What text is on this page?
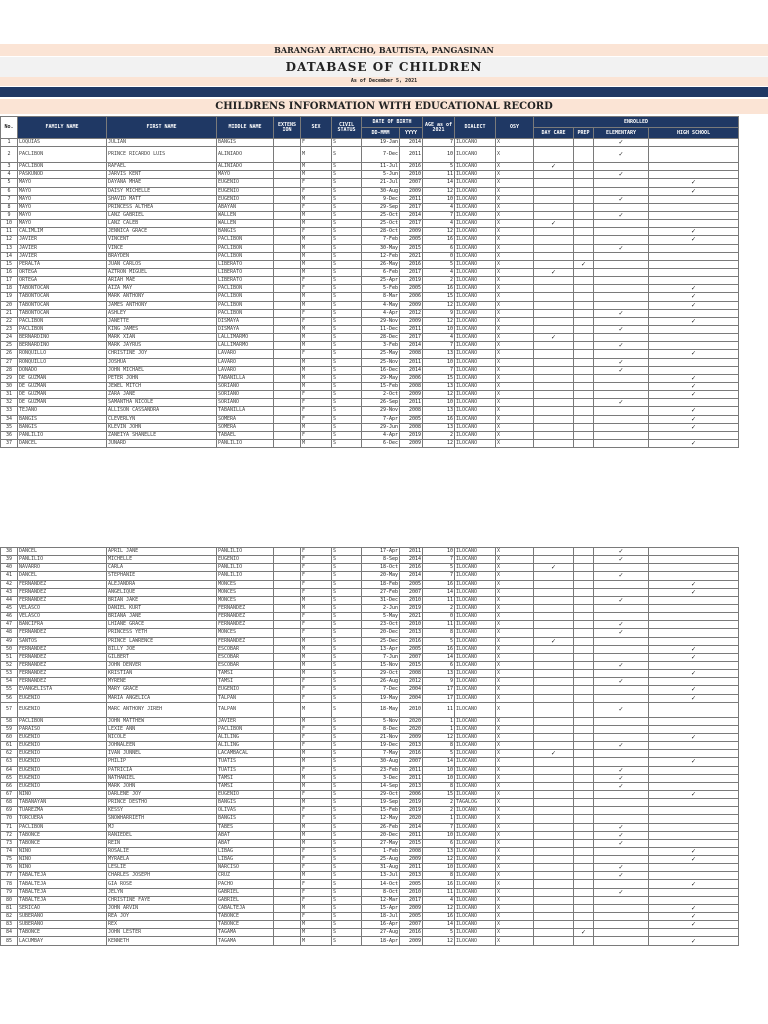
BARANGAY ARTACHO, BAUTISTA, PANGASINAN
DATABASE OF CHILDREN
As of December 5, 2021
CHILDRENS INFORMATION WITH EDUCATIONAL RECORD
No.	FAMILY NAME	FIRST NAME	MIDDLE NAME	EXTENS ION	SEX	CIVIL STATUS	DATE OF BIRTH		AGE as of 2021	DIALECT	OSY	ENROLLED			
							DD-MMM	YYYY				DAY CARE	PREP	ELEMENTARY	HIGH SCHOOL
1	LOQUIAS	JULIAN	BANGIS		F	S	19-Jan	2014	7	ILOCANO	X			✓	
2	PACLIBON	PRINCE RICARDO LUIS	ALINIADO		M	S	7-Dec	2011	10	ILOCANO	X			✓	
3	PACLIBON	RAFAEL	ALINIADO		M	S	11-Jul	2016	5	ILOCANO	X	✓			
4	PASKUNOD	JARVIS KENT	MAYO		M	S	5-Jun	2010	11	ILOCANO	X			✓	
5	MAYO	DAYANA MHAE	EUGENIO		F	S	21-Jul	2007	14	ILOCANO	X				✓
6	MAYO	DAISY MICHELLE	EUGENIO		F	S	30-Aug	2009	12	ILOCANO	X				✓
7	MAYO	SHAVID MATT	EUGENIO		M	S	9-Dec	2011	10	ILOCANO	X			✓	
8	MAYO	PRINCESS ALTHEA	ABAYAN		F	S	29-Sep	2017	4	ILOCANO	X				
9	MAYO	LANZ GABRIEL	WALLEN		M	S	25-Oct	2014	7	ILOCANO	X			✓	
10	MAYO	LANZ CALEB	WALLEN		M	S	25-Oct	2017	4	ILOCANO	X	✓			
11	CALIMLIM	JENNICA GRACE	BANGIS		F	S	28-Oct	2009	12	ILOCANO	X				✓
12	JAVIER	VINCENT	PACLIBON		M	S	7-Feb	2005	16	ILOCANO	X				✓
13	JAVIER	VINCE	PACLIBON		M	S	30-May	2015	6	ILOCANO	X			✓	
14	JAVIER	BRAYDEN	PACLIBON		M	S	12-Feb	2021	0	ILOCANO	X				
15	PERALTA	JUAN CARLOS	LIBERATO		M	S	26-May	2016	5	ILOCANO	X		✓		
16	ORTEGA	AZTRON MIGUEL	LIBERATO		M	S	6-Feb	2017	4	ILOCANO	X	✓			
17	ORTEGA	ARIAH MAE	LIBERATO		F	S	25-Apr	2019	2	ILOCANO	X				
18	TABONTOCAN	AIZA MAY	PACLIBON		F	S	5-Feb	2005	16	ILOCANO	X				✓
19	TABONTOCAN	MARK ANTHONY	PACLIBON		M	S	8-Mar	2006	15	ILOCANO	X				✓
20	TABONTOCAN	JAMES ANTHONY	PACLIBON		M	S	4-May	2009	12	ILOCANO	X				✓
21	TABONTOCAN	ASHLEY	PACLIBON		F	S	4-Apr	2012	9	ILOCANO	X			✓	
22	PACLIBON	JANETTE	DISMAYA		F	S	29-Nov	2009	12	ILOCANO	X				✓
23	PACLIBON	KING JAMES	DISMAYA		M	S	11-Dec	2011	10	ILOCANO	X			✓	
24	BERNARDINO	MARK XIAN	LALLIMARMO		M	S	28-Dec	2017	4	ILOCANO	X	✓			
25	BERNARDINO	MARK JAYRUS	LALLIMARMO		M	S	3-Feb	2014	7	ILOCANO	X			✓	
26	RONQUILLO	CHRISTINE JOY	LAVARO		F	S	25-May	2008	13	ILOCANO	X				✓
27	RONQUILLO	JOSHUA	LAVARO		M	S	25-Nov	2011	10	ILOCANO	X			✓	
28	DONADO	JOHN MICHAEL	LAVARO		M	S	16-Dec	2014	7	ILOCANO	X			✓	
29	DE GUZMAN	PETER JOHN	TABANILLA		M	S	29-May	2006	15	ILOCANO	X				✓
30	DE GUZMAN	JEWEL MITCH	SORIANO		M	S	15-Feb	2008	13	ILOCANO	X				✓
31	DE GUZMAN	ZARA JANE	SORIANO		F	S	2-Oct	2009	12	ILOCANO	X				✓
32	DE GUZMAN	SAMANTHA NICOLE	SORIANO		F	S	26-Sep	2011	10	ILOCANO	X			✓	
33	TEJANO	ALLISON CASSANDRA	TABANILLA		F	S	29-Nov	2008	13	ILOCANO	X				✓
34	BANGIS	CLEVERLYN	SOMERA		F	S	7-Apr	2005	16	ILOCANO	X				✓
35	BANGIS	KLEVIN JOHN	SOMERA		M	S	29-Jun	2008	13	ILOCANO	X				✓
36	PANLILIO	ZANEIYA SHANELLE	TABAEL		F	S	4-Apr	2019	2	ILOCANO	X				
37	DANCEL	JUNARD	PANLILIO		M	S	6-Dec	2009	12	ILOCANO	X				✓
38	DANCEL	APRIL JANE	PANLILIO		F	S	17-Apr	2011	10	ILOCANO	X			✓	
39	PANLILIO	MICHELLE	EUGENIO		F	S	8-Sep	2014	7	ILOCANO	X			✓	
40	NAVARRO	CARLA	PANLILIO		F	S	18-Oct	2016	5	ILOCANO	X	✓			
41	DANCEL	STEPHANIE	PANLILIO		F	S	20-May	2014	7	ILOCANO	X			✓	
42	FERNANDEZ	ALEJANDRA	MONCES		F	S	18-Feb	2005	16	ILOCANO	X				✓
43	FERNANDEZ	ANGELIQUE	MONCES		F	S	27-Feb	2007	14	ILOCANO	X				✓
44	FERNANDEZ	BRIAN JAKE	MONCES		M	S	31-Dec	2010	11	ILOCANO	X			✓	
45	VELASCO	DANIEL KURT	FERNANDEZ		M	S	2-Jun	2019	2	ILOCANO	X				
46	VELASCO	BRIANA JANE	FERNANDEZ		F	S	5-May	2021	0	ILOCANO	X				
47	BANCIFRA	LHIANE GRACE	FERNANDEZ		F	S	23-Oct	2010	11	ILOCANO	X			✓	
48	FERNANDEZ	PRINCESS YETH	MONCES		F	S	20-Dec	2013	8	ILOCANO	X			✓	
49	SANTOS	PRINCE LAWRENCE	FERNANDEZ		M	S	25-Dec	2016	5	ILOCANO	X	✓			
50	FERNANDEZ	BILLY JOE	ESCOBAR		M	S	13-Apr	2005	16	ILOCANO	X				✓
51	FERNANDEZ	GILBERT	ESCOBAR		M	S	7-Jun	2007	14	ILOCANO	X				✓
52	FERNANDEZ	JOHN DENVER	ESCOBAR		M	S	15-Nov	2015	6	ILOCANO	X			✓	
53	FERNANDEZ	KRISTIAN	TAMSI		M	S	29-Oct	2008	13	ILOCANO	X				✓
54	FERNANDEZ	MYRENE	TAMSI		F	S	26-Aug	2012	9	ILOCANO	X			✓	
55	EVANGELISTA	MARY GRACE	EUGENIO		F	S	7-Dec	2004	17	ILOCANO	X				✓
56	EUGENIO	MARIA ANGELICA	TALPAN		F	S	19-May	2004	17	ILOCANO	X				✓
57	EUGENIO	MARC ANTHONY JIREH	TALPAN		M	S	18-May	2010	11	ILOCANO	X			✓	
58	PACLIBON	JOHN MATTHEW	JAVIER		M	S	5-Nov	2020	1	ILOCANO	X				
59	PARAISO	LEXIE ANN	PACLIBON		F	S	8-Dec	2020	1	ILOCANO	X				
60	EUGENIO	NICOLE	ALILING		F	S	21-Nov	2009	12	ILOCANO	X				✓
61	EUGENIO	JOHNALEEN	ALILING		F	S	19-Dec	2013	8	ILOCANO	X			✓	
62	EUGENIO	IVAN JUNNEL	LACAMBACAL		M	S	7-May	2016	5	ILOCANO	X	✓			
63	EUGENIO	PHILIP	TUATIS		M	S	30-Aug	2007	14	ILOCANO	X				✓
64	EUGENIO	PATRICIA	TUATIS		F	S	23-Feb	2011	10	ILOCANO	X			✓	
65	EUGENIO	NATHANIEL	TAMSI		M	S	3-Dec	2011	10	ILOCANO	X			✓	
66	EUGENIO	MARK JOHN	TAMSI		M	S	14-Sep	2013	8	ILOCANO	X			✓	
67	NIÑO	DARLENE JOY	EUGENIO		F	S	29-Oct	2006	15	ILOCANO	X				✓
68	TABANAYAN	PRINCE DESTHO	BANGIS		M	S	19-Sep	2019	2	TAGALOG	X				
69	TUAREZMA	KESSY	OLIVAS		F	S	15-Feb	2019	2	ILOCANO	X				
70	TORCUERA	SNOWHARRIETH	BANGIS		F	S	12-May	2020	1	ILOCANO	X				
71	PACLIBON	MJ	TABES		M	S	26-Feb	2014	7	ILOCANO	X			✓	
72	TABONCE	RANIEDEL	ABAT		M	S	20-Dec	2011	10	ILOCANO	X			✓	
73	TABONCE	REIN	ABAT		M	S	27-May	2015	6	ILOCANO	X			✓	
74	NIÑO	ROSALIE	LIBAG		F	S	1-Feb	2008	13	ILOCANO	X				✓
75	NIÑO	MYRAELA	LIBAG		F	S	25-Aug	2009	12	ILOCANO	X				✓
76	NIÑO	LESLIE	NARCISO		F	S	31-Aug	2011	10	ILOCANO	X			✓	
77	TABALTEJA	CHARLES JOSEPH	CRUZ		M	S	13-Jul	2013	8	ILOCANO	X			✓	
78	TABALTEJA	GIA ROSE	PACHO		F	S	14-Oct	2005	16	ILOCANO	X				✓
79	TABALTEJA	JELYN	GABRIEL		F	S	8-Oct	2010	11	ILOCANO	X			✓	
80	TABALTEJA	CHRISTINE FAYE	GABRIEL		F	S	12-Mar	2017	4	ILOCANO	X				
81	SERICAO	JOHN ARVIN	CABALTEJA		M	S	15-Apr	2009	12	ILOCANO	X				✓
82	SUBERANO	REA JOY	TABONCE		F	S	18-Jul	2005	16	ILOCANO	X				✓
83	SUBERANO	REX	TABONCE		M	S	16-Apr	2007	14	ILOCANO	X				✓
84	TABONCE	JOHN LESTER	TAGAMA		M	S	27-Aug	2016	5	ILOCANO	X		✓		
85	LACUMBAY	KENNETH	TAGAMA		M	S	18-Apr	2009	12	ILOCANO	X				✓
